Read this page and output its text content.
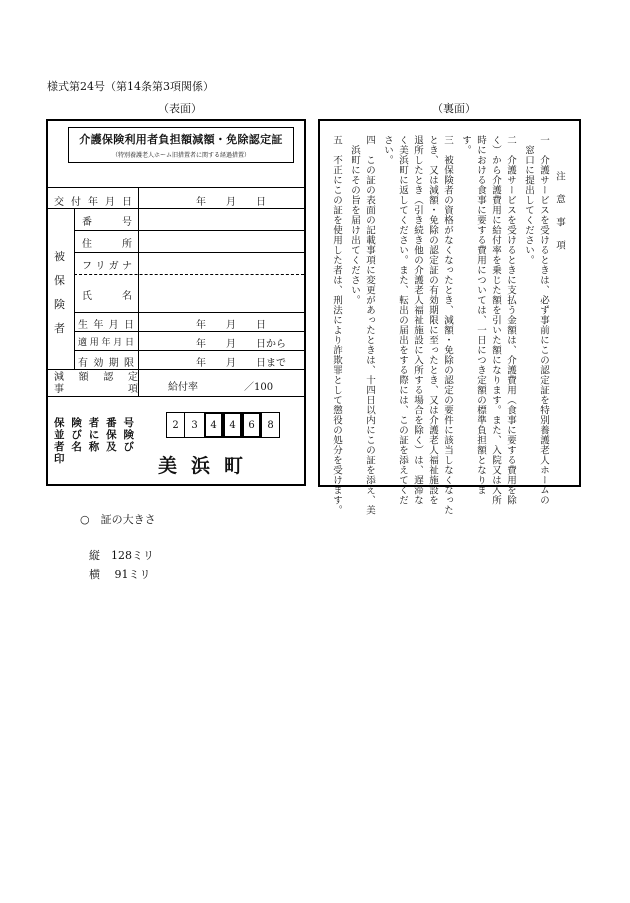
様式第24号（第14条第3項関係）
（表面）	（裏面）
介護保険利用者負担額減額・免除認定証
（特別養護老人ホーム旧措置者に関する経過措置）
交 付 年 月 日	年　　月　　日
被保険者
番	号
住	所
フ リ ガ ナ
氏	名
生 年 月 日	年　　月　　日
適 用 年 月 日	年　　月　　日から
有 効 期 限	年　　月　　日まで
減 額 認 定
事	項	給付率	／100
保 険 者 番 号
並 び に 保 険
者 名 称 及 び
印
2	3	4	4	6	8
美浜町
注　意　事　項
一　介護サービスを受けるときは、必ず事前にこの認定証を特別養護老人ホームの
　窓口に提出してください。
二　介護サービスを受けるときに支払う金額は、介護費用（食事に要する費用を除
く）から介護費用に給付率を乗じた額を引いた額になります。また、入院又は入所
時における食事に要する費用については、一日につき定額の標準負担額となりま
す。
三　被保険者の資格がなくなったとき、減額・免除の認定の要件に該当しなくなった
とき、又は減額・免除の認定証の有効期限に至ったとき、又は介護老人福祉施設を
退所したとき（引き続き他の介護老人福祉施設に入所する場合を除く）は、遅滞な
く美浜町に返してください。また、転出の届出をする際には、この証を添えてくだ
さい。
四　この証の表面の記載事項に変更があったときは、十四日以内にこの証を添え、美
　浜町にその旨を届け出てください。
五　不正にこの証を使用した者は、刑法により詐欺罪として懲役の処分を受けます。
○　証の大きさ
縦　128ミリ
横　 91ミリ
